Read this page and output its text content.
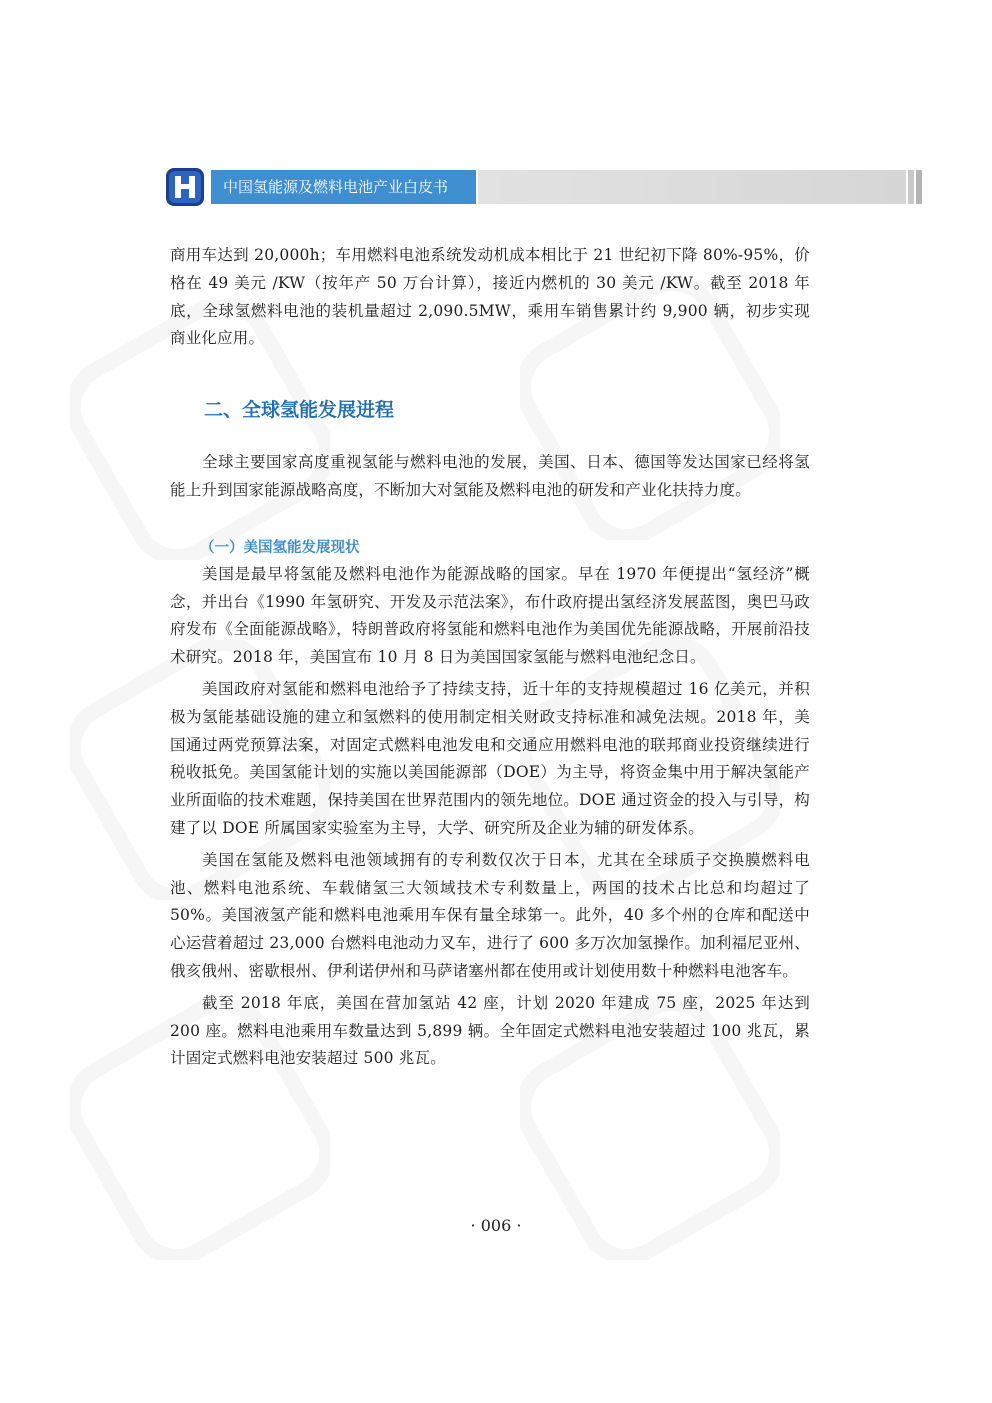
中国氢能源及燃料电池产业白皮书

商用车达到 20,000h；车用燃料电池系统发动机成本相比于 21 世纪初下降 80%-95%，价格在 49 美元 /KW（按年产 50 万台计算），接近内燃机的 30 美元 /KW。截至 2018 年底，全球氢燃料电池的装机量超过 2,090.5MW，乘用车销售累计约 9,900 辆，初步实现商业化应用。

二、全球氢能发展进程

全球主要国家高度重视氢能与燃料电池的发展，美国、日本、德国等发达国家已经将氢能上升到国家能源战略高度，不断加大对氢能及燃料电池的研发和产业化扶持力度。

（一）美国氢能发展现状

美国是最早将氢能及燃料电池作为能源战略的国家。早在 1970 年便提出“氢经济”概念，并出台《1990 年氢研究、开发及示范法案》，布什政府提出氢经济发展蓝图，奥巴马政府发布《全面能源战略》，特朗普政府将氢能和燃料电池作为美国优先能源战略，开展前沿技术研究。2018 年，美国宣布 10 月 8 日为美国国家氢能与燃料电池纪念日。

美国政府对氢能和燃料电池给予了持续支持，近十年的支持规模超过 16 亿美元，并积极为氢能基础设施的建立和氢燃料的使用制定相关财政支持标准和减免法规。2018 年，美国通过两党预算法案，对固定式燃料电池发电和交通应用燃料电池的联邦商业投资继续进行税收抵免。美国氢能计划的实施以美国能源部（DOE）为主导，将资金集中用于解决氢能产业所面临的技术难题，保持美国在世界范围内的领先地位。DOE 通过资金的投入与引导，构建了以 DOE 所属国家实验室为主导，大学、研究所及企业为辅的研发体系。

美国在氢能及燃料电池领域拥有的专利数仅次于日本，尤其在全球质子交换膜燃料电池、燃料电池系统、车载储氢三大领域技术专利数量上，两国的技术占比总和均超过了 50%。美国液氢产能和燃料电池乘用车保有量全球第一。此外，40 多个州的仓库和配送中心运营着超过 23,000 台燃料电池动力叉车，进行了 600 多万次加氢操作。加利福尼亚州、俄亥俄州、密歇根州、伊利诺伊州和马萨诸塞州都在使用或计划使用数十种燃料电池客车。

截至 2018 年底，美国在营加氢站 42 座，计划 2020 年建成 75 座，2025 年达到 200 座。燃料电池乘用车数量达到 5,899 辆。全年固定式燃料电池安装超过 100 兆瓦，累计固定式燃料电池安装超过 500 兆瓦。

· 006 ·
